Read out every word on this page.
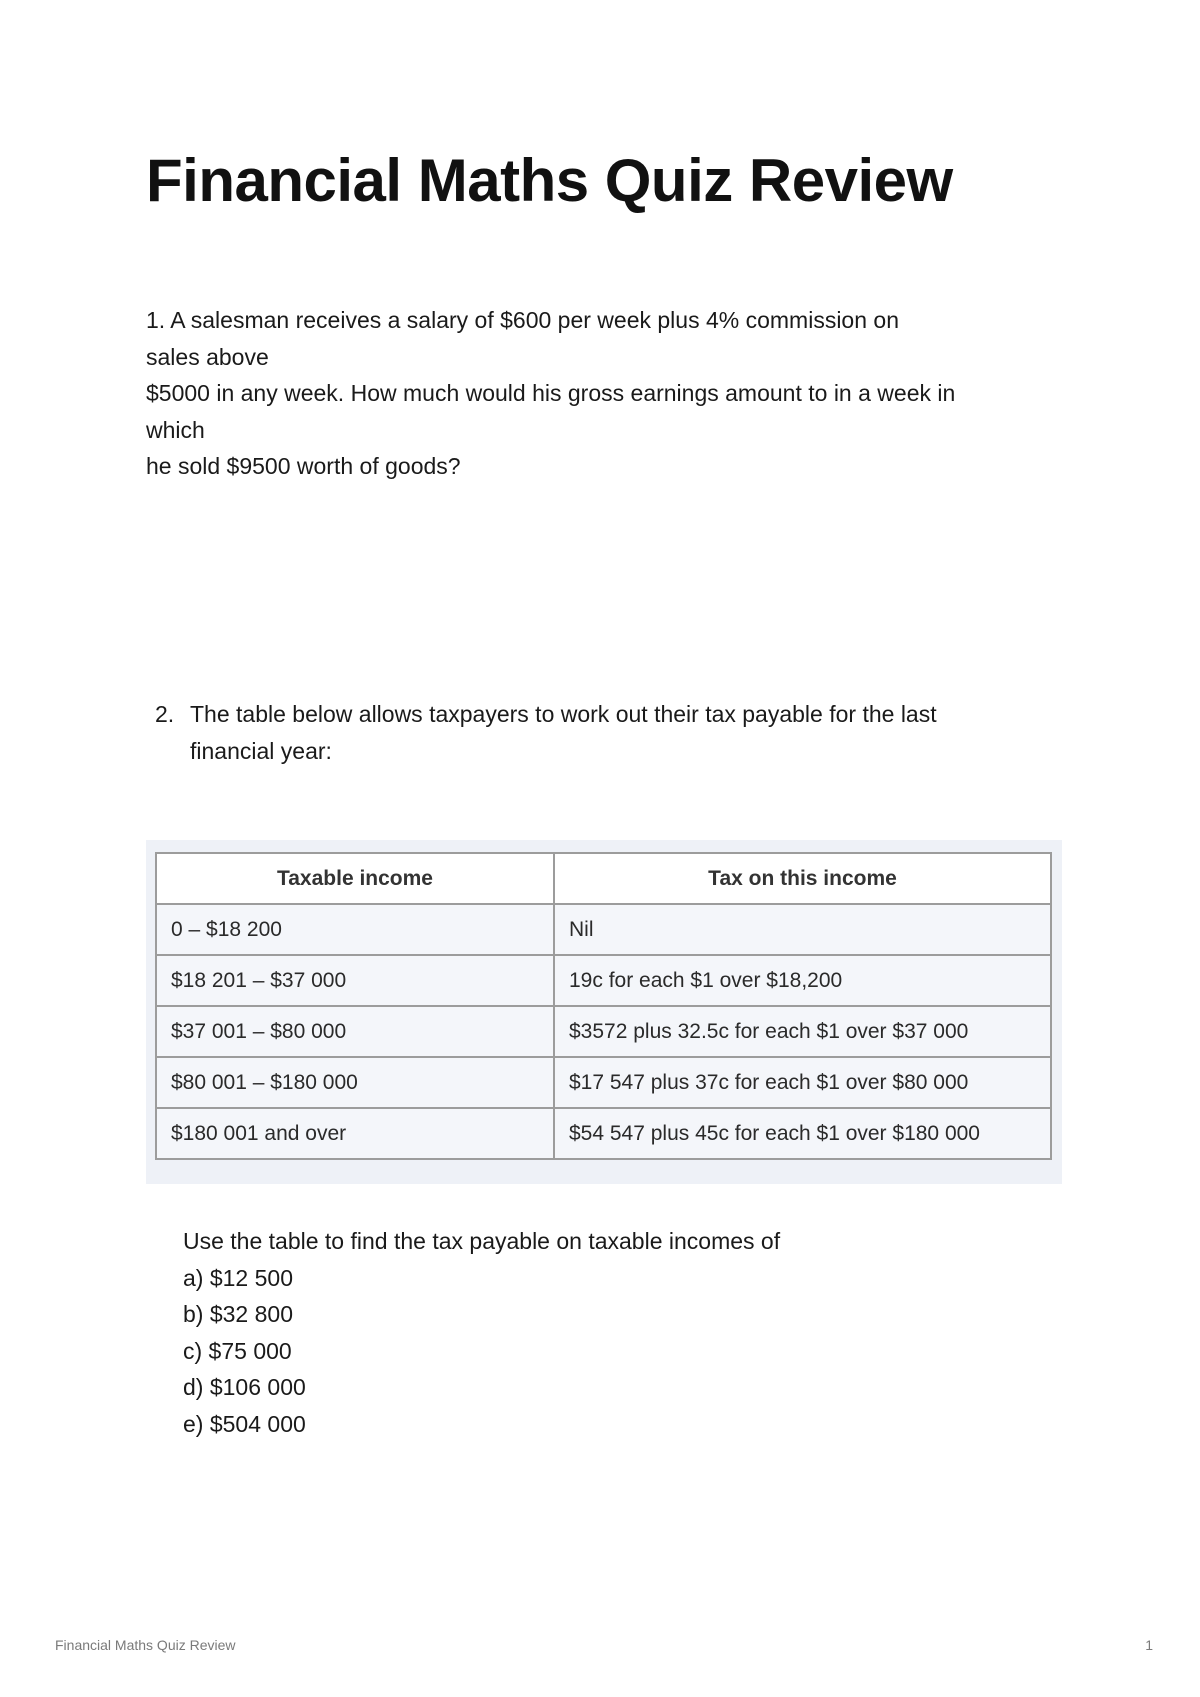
Financial Maths Quiz Review
1. A salesman receives a salary of $600 per week plus 4% commission on
sales above
$5000 in any week. How much would his gross earnings amount to in a week in
which
he sold $9500 worth of goods?
2. The table below allows taxpayers to work out their tax payable for the last
financial year:
Taxable income	Tax on this income
0 – $18 200	Nil
$18 201 – $37 000	19c for each $1 over $18,200
$37 001 – $80 000	$3572 plus 32.5c for each $1 over $37 000
$80 001 – $180 000	$17 547 plus 37c for each $1 over $80 000
$180 001 and over	$54 547 plus 45c for each $1 over $180 000
Use the table to find the tax payable on taxable incomes of
a) $12 500
b) $32 800
c) $75 000
d) $106 000
e) $504 000
Financial Maths Quiz Review	1
